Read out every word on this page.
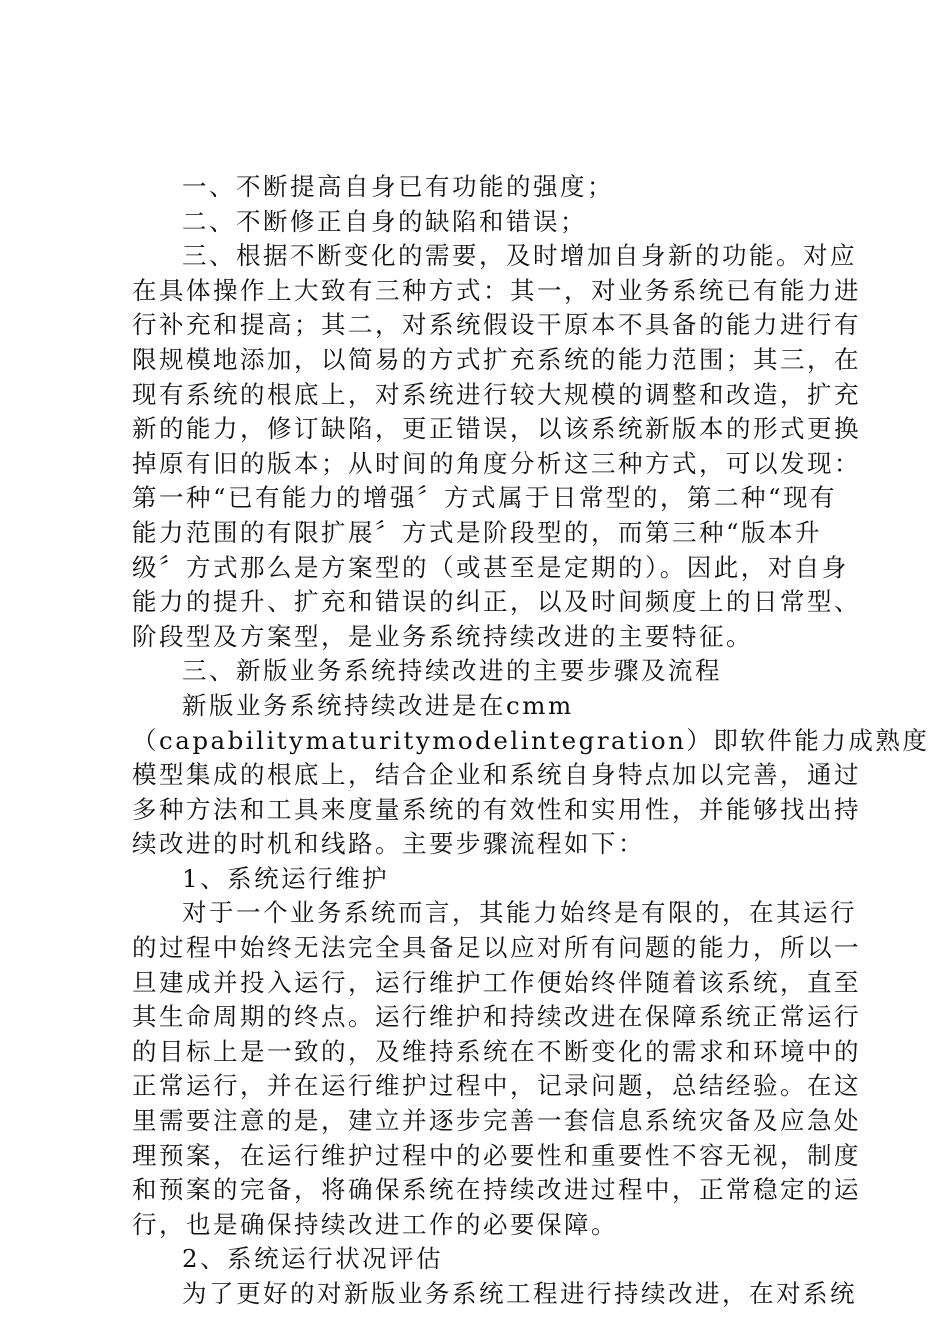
一、不断提高自身已有功能的强度；
二、不断修正自身的缺陷和错误；
三、根据不断变化的需要，及时增加自身新的功能。对应
在具体操作上大致有三种方式：其一，对业务系统已有能力进
行补充和提高；其二，对系统假设干原本不具备的能力进行有
限规模地添加，以简易的方式扩充系统的能力范围；其三，在
现有系统的根底上，对系统进行较大规模的调整和改造，扩充
新的能力，修订缺陷，更正错误，以该系统新版本的形式更换
掉原有旧的版本；从时间的角度分析这三种方式，可以发现：
第一种“已有能力的增强〞方式属于日常型的，第二种“现有
能力范围的有限扩展〞方式是阶段型的，而第三种“版本升
级〞方式那么是方案型的（或甚至是定期的）。因此，对自身
能力的提升、扩充和错误的纠正，以及时间频度上的日常型、
阶段型及方案型，是业务系统持续改进的主要特征。
三、新版业务系统持续改进的主要步骤及流程
新版业务系统持续改进是在cmm
（capabilitymaturitymodelintegration）即软件能力成熟度
模型集成的根底上，结合企业和系统自身特点加以完善，通过
多种方法和工具来度量系统的有效性和实用性，并能够找出持
续改进的时机和线路。主要步骤流程如下：
1、系统运行维护
对于一个业务系统而言，其能力始终是有限的，在其运行
的过程中始终无法完全具备足以应对所有问题的能力，所以一
旦建成并投入运行，运行维护工作便始终伴随着该系统，直至
其生命周期的终点。运行维护和持续改进在保障系统正常运行
的目标上是一致的，及维持系统在不断变化的需求和环境中的
正常运行，并在运行维护过程中，记录问题，总结经验。在这
里需要注意的是，建立并逐步完善一套信息系统灾备及应急处
理预案，在运行维护过程中的必要性和重要性不容无视，制度
和预案的完备，将确保系统在持续改进过程中，正常稳定的运
行，也是确保持续改进工作的必要保障。
2、系统运行状况评估
为了更好的对新版业务系统工程进行持续改进，在对系统
